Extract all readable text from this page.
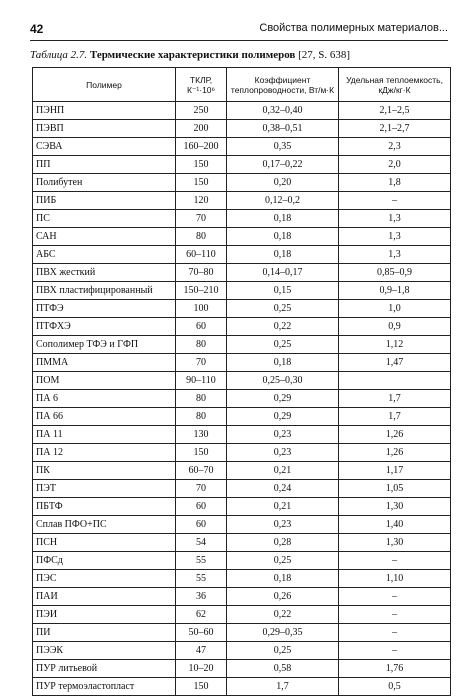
42	Свойства полимерных материалов...
Таблица 2.7. Термические характеристики полимеров [27, S. 638]
Полимер	ТКЛР, К⁻¹·10⁶	Коэффициент теплопроводности, Вт/м·К	Удельная теплоемкость, кДж/кг·К
ПЭНП	250	0,32–0,40	2,1–2,5
ПЭВП	200	0,38–0,51	2,1–2,7
СЭВА	160–200	0,35	2,3
ПП	150	0,17–0,22	2,0
Полибутен	150	0,20	1,8
ПИБ	120	0,12–0,2	–
ПС	70	0,18	1,3
САН	80	0,18	1,3
АБС	60–110	0,18	1,3
ПВХ жесткий	70–80	0,14–0,17	0,85–0,9
ПВХ пластифицированный	150–210	0,15	0,9–1,8
ПТФЭ	100	0,25	1,0
ПТФХЭ	60	0,22	0,9
Сополимер ТФЭ и ГФП	80	0,25	1,12
ПММА	70	0,18	1,47
ПОМ	90–110	0,25–0,30	
ПА 6	80	0,29	1,7
ПА 66	80	0,29	1,7
ПА 11	130	0,23	1,26
ПА 12	150	0,23	1,26
ПК	60–70	0,21	1,17
ПЭТ	70	0,24	1,05
ПБТФ	60	0,21	1,30
Сплав ПФО+ПС	60	0,23	1,40
ПСН	54	0,28	1,30
ПФСд	55	0,25	–
ПЭС	55	0,18	1,10
ПАИ	36	0,26	–
ПЭИ	62	0,22	–
ПИ	50–60	0,29–0,35	–
ПЭЭК	47	0,25	–
ПУР литьевой	10–20	0,58	1,76
ПУР термоэластопласт	150	1,7	0,5
